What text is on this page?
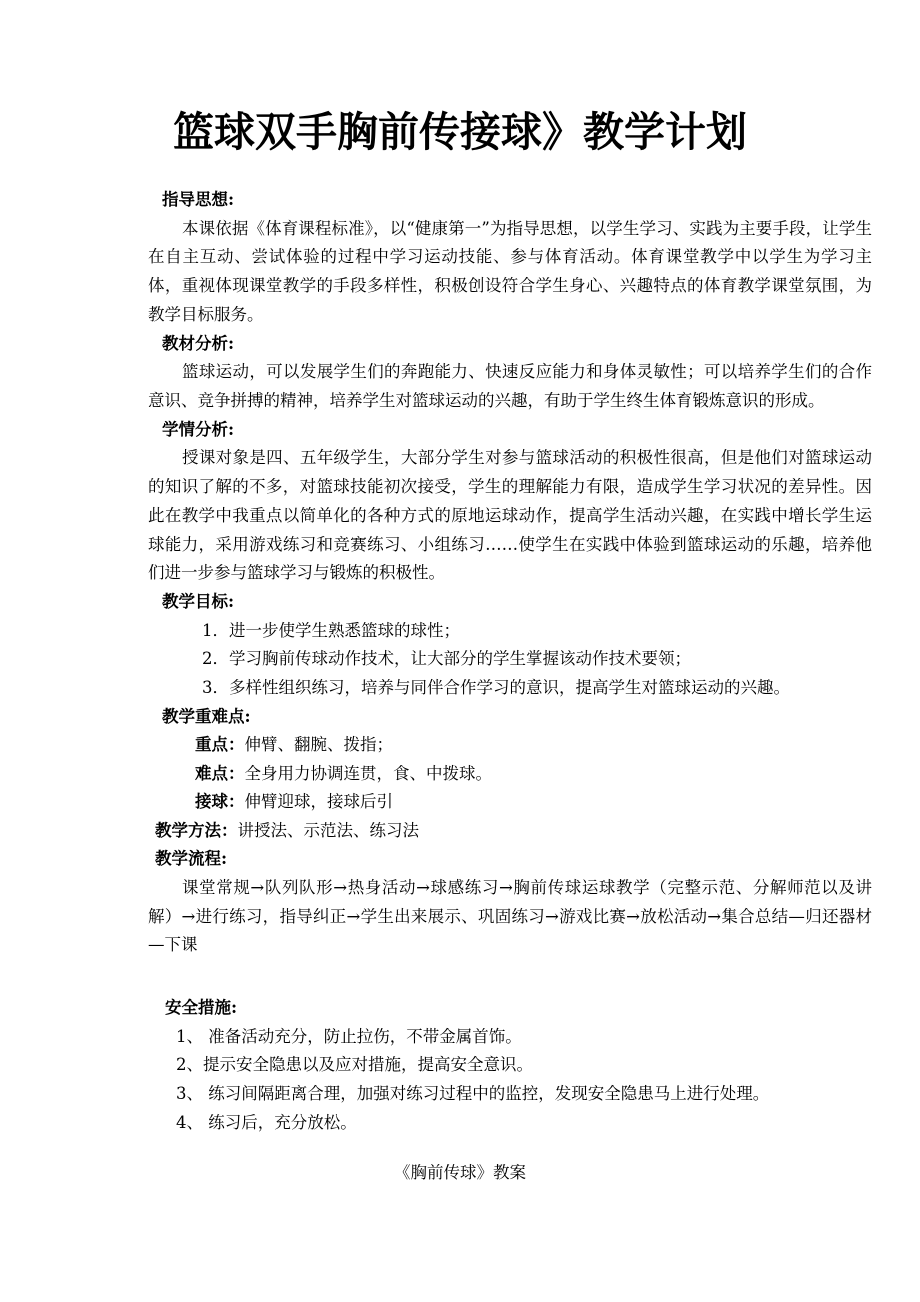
篮球双手胸前传接球》教学计划
指导思想:

本课依据《体育课程标准》，以“健康第一”为指导思想，以学生学习、实践为主要手段，让学生在自主互动、尝试体验的过程中学习运动技能、参与体育活动。体育课堂教学中以学生为学习主体，重视体现课堂教学的手段多样性，积极创设符合学生身心、兴趣特点的体育教学课堂氛围，为教学目标服务。

教材分析:

篮球运动，可以发展学生们的奔跑能力、快速反应能力和身体灵敏性；可以培养学生们的合作意识、竞争拼搏的精神，培养学生对篮球运动的兴趣，有助于学生终生体育锻炼意识的形成。

学情分析:

授课对象是四、五年级学生，大部分学生对参与篮球活动的积极性很高，但是他们对篮球运动的知识了解的不多，对篮球技能初次接受，学生的理解能力有限，造成学生学习状况的差异性。因此在教学中我重点以简单化的各种方式的原地运球动作，提高学生活动兴趣，在实践中增长学生运球能力，采用游戏练习和竞赛练习、小组练习……使学生在实践中体验到篮球运动的乐趣，培养他们进一步参与篮球学习与锻炼的积极性。

教学目标:
1．进一步使学生熟悉篮球的球性；
2．学习胸前传球动作技术，让大部分的学生掌握该动作技术要领；
3．多样性组织练习，培养与同伴合作学习的意识，提高学生对篮球运动的兴趣。
教学重难点:
重点：伸臂、翻腕、拨指；
难点：全身用力协调连贯，食、中拨球。
接球：伸臂迎球，接球后引
教学方法：讲授法、示范法、练习法
教学流程:

课堂常规→队列队形→热身活动→球感练习→胸前传球运球教学（完整示范、分解师范以及讲解）→进行练习，指导纠正→学生出来展示、巩固练习→游戏比赛→放松活动→集合总结—归还器材—下课

安全措施:
1、 准备活动充分，防止拉伤，不带金属首饰。
2、提示安全隐患以及应对措施，提高安全意识。
3、 练习间隔距离合理，加强对练习过程中的监控，发现安全隐患马上进行处理。
4、 练习后，充分放松。
《胸前传球》教案
